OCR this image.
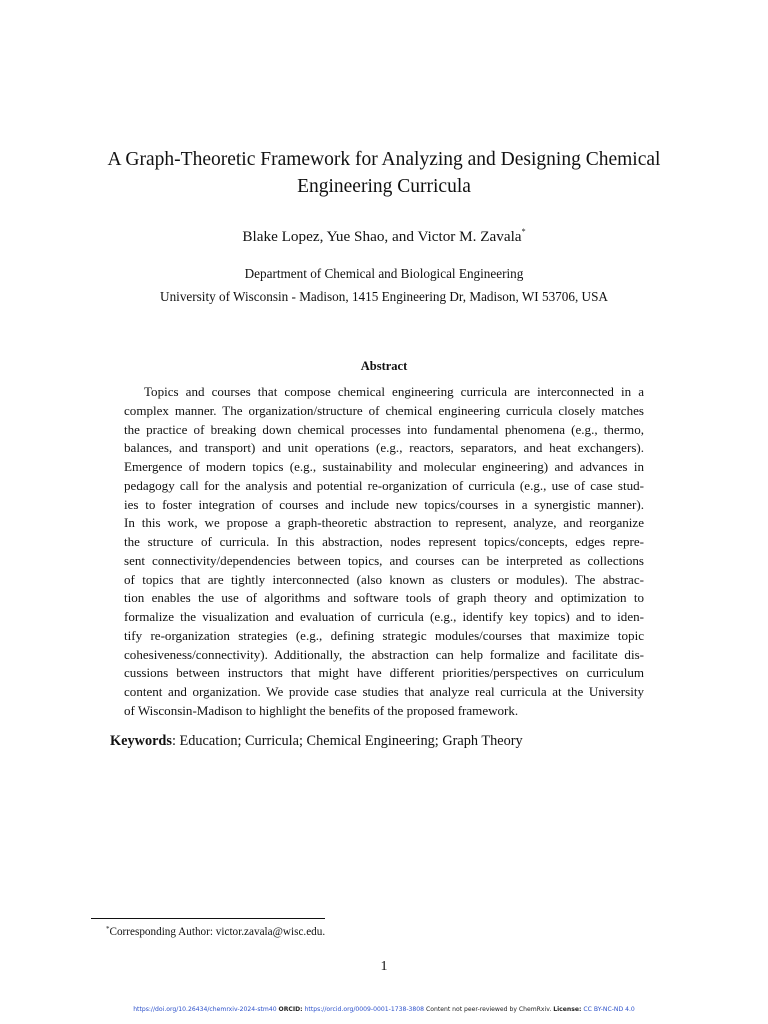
A Graph-Theoretic Framework for Analyzing and Designing Chemical
Engineering Curricula
Blake Lopez, Yue Shao, and Victor M. Zavala*
Department of Chemical and Biological Engineering
University of Wisconsin - Madison, 1415 Engineering Dr, Madison, WI 53706, USA
Abstract
Topics and courses that compose chemical engineering curricula are interconnected in a
complex manner. The organization/structure of chemical engineering curricula closely matches
the practice of breaking down chemical processes into fundamental phenomena (e.g., thermo,
balances, and transport) and unit operations (e.g., reactors, separators, and heat exchangers).
Emergence of modern topics (e.g., sustainability and molecular engineering) and advances in
pedagogy call for the analysis and potential re-organization of curricula (e.g., use of case stud-
ies to foster integration of courses and include new topics/courses in a synergistic manner).
In this work, we propose a graph-theoretic abstraction to represent, analyze, and reorganize
the structure of curricula. In this abstraction, nodes represent topics/concepts, edges repre-
sent connectivity/dependencies between topics, and courses can be interpreted as collections
of topics that are tightly interconnected (also known as clusters or modules). The abstrac-
tion enables the use of algorithms and software tools of graph theory and optimization to
formalize the visualization and evaluation of curricula (e.g., identify key topics) and to iden-
tify re-organization strategies (e.g., defining strategic modules/courses that maximize topic
cohesiveness/connectivity). Additionally, the abstraction can help formalize and facilitate dis-
cussions between instructors that might have different priorities/perspectives on curriculum
content and organization. We provide case studies that analyze real curricula at the University
of Wisconsin-Madison to highlight the benefits of the proposed framework.
Keywords: Education; Curricula; Chemical Engineering; Graph Theory
*Corresponding Author: victor.zavala@wisc.edu.
1
https://doi.org/10.26434/chemrxiv-2024-stm40 ORCID: https://orcid.org/0009-0001-1738-3808 Content not peer-reviewed by ChemRxiv. License: CC BY-NC-ND 4.0
